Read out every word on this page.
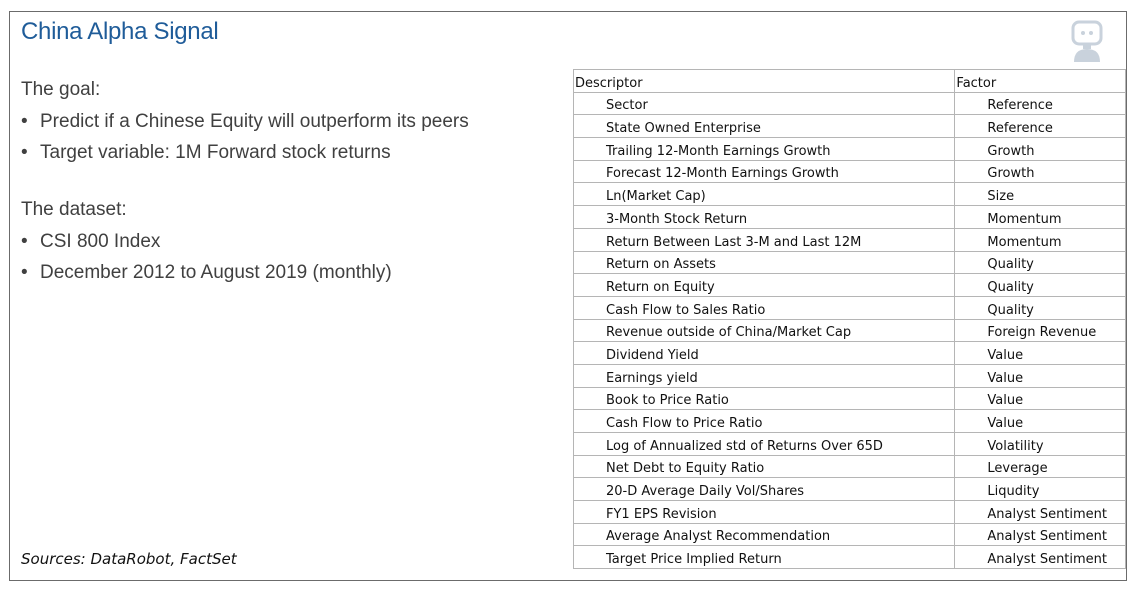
China Alpha Signal
The goal:
• Predict if a Chinese Equity will outperform its peers
• Target variable: 1M Forward stock returns
The dataset:
• CSI 800 Index
• December 2012 to August 2019 (monthly)
Descriptor	Factor
Sector	Reference
State Owned Enterprise	Reference
Trailing 12-Month Earnings Growth	Growth
Forecast 12-Month Earnings Growth	Growth
Ln(Market Cap)	Size
3-Month Stock Return	Momentum
Return Between Last 3-M and Last 12M	Momentum
Return on Assets	Quality
Return on Equity	Quality
Cash Flow to Sales Ratio	Quality
Revenue outside of China/Market Cap	Foreign Revenue
Dividend Yield	Value
Earnings yield	Value
Book to Price Ratio	Value
Cash Flow to Price Ratio	Value
Log of Annualized std of Returns Over 65D	Volatility
Net Debt to Equity Ratio	Leverage
20-D Average Daily Vol/Shares	Liqudity
FY1 EPS Revision	Analyst Sentiment
Average Analyst Recommendation	Analyst Sentiment
Target Price Implied Return	Analyst Sentiment
Sources: DataRobot, FactSet
